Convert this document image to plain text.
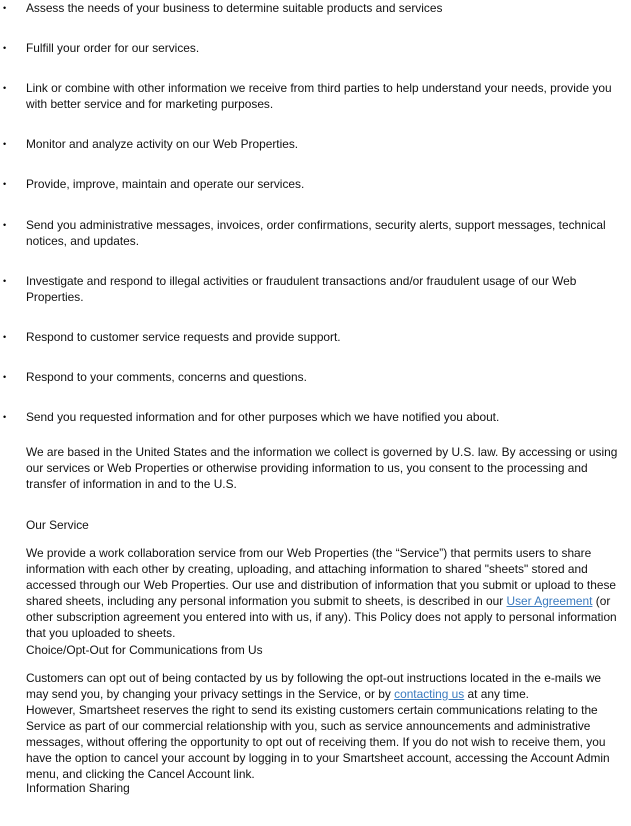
• Assess the needs of your business to determine suitable products and services
• Fulfill your order for our services.
• Link or combine with other information we receive from third parties to help understand your needs, provide you
with better service and for marketing purposes.
• Monitor and analyze activity on our Web Properties.
• Provide, improve, maintain and operate our services.
• Send you administrative messages, invoices, order confirmations, security alerts, support messages, technical
notices, and updates.
• Investigate and respond to illegal activities or fraudulent transactions and/or fraudulent usage of our Web
Properties.
• Respond to customer service requests and provide support.
• Respond to your comments, concerns and questions.
• Send you requested information and for other purposes which we have notified you about.
We are based in the United States and the information we collect is governed by U.S. law. By accessing or using
our services or Web Properties or otherwise providing information to us, you consent to the processing and
transfer of information in and to the U.S.
Our Service
We provide a work collaboration service from our Web Properties (the “Service”) that permits users to share
information with each other by creating, uploading, and attaching information to shared "sheets" stored and
accessed through our Web Properties. Our use and distribution of information that you submit or upload to these
shared sheets, including any personal information you submit to sheets, is described in our User Agreement (or
other subscription agreement you entered into with us, if any). This Policy does not apply to personal information
that you uploaded to sheets.
Choice/Opt-Out for Communications from Us
Customers can opt out of being contacted by us by following the opt-out instructions located in the e-mails we
may send you, by changing your privacy settings in the Service, or by contacting us at any time.
However, Smartsheet reserves the right to send its existing customers certain communications relating to the
Service as part of our commercial relationship with you, such as service announcements and administrative
messages, without offering the opportunity to opt out of receiving them. If you do not wish to receive them, you
have the option to cancel your account by logging in to your Smartsheet account, accessing the Account Admin
menu, and clicking the Cancel Account link.
Information Sharing
